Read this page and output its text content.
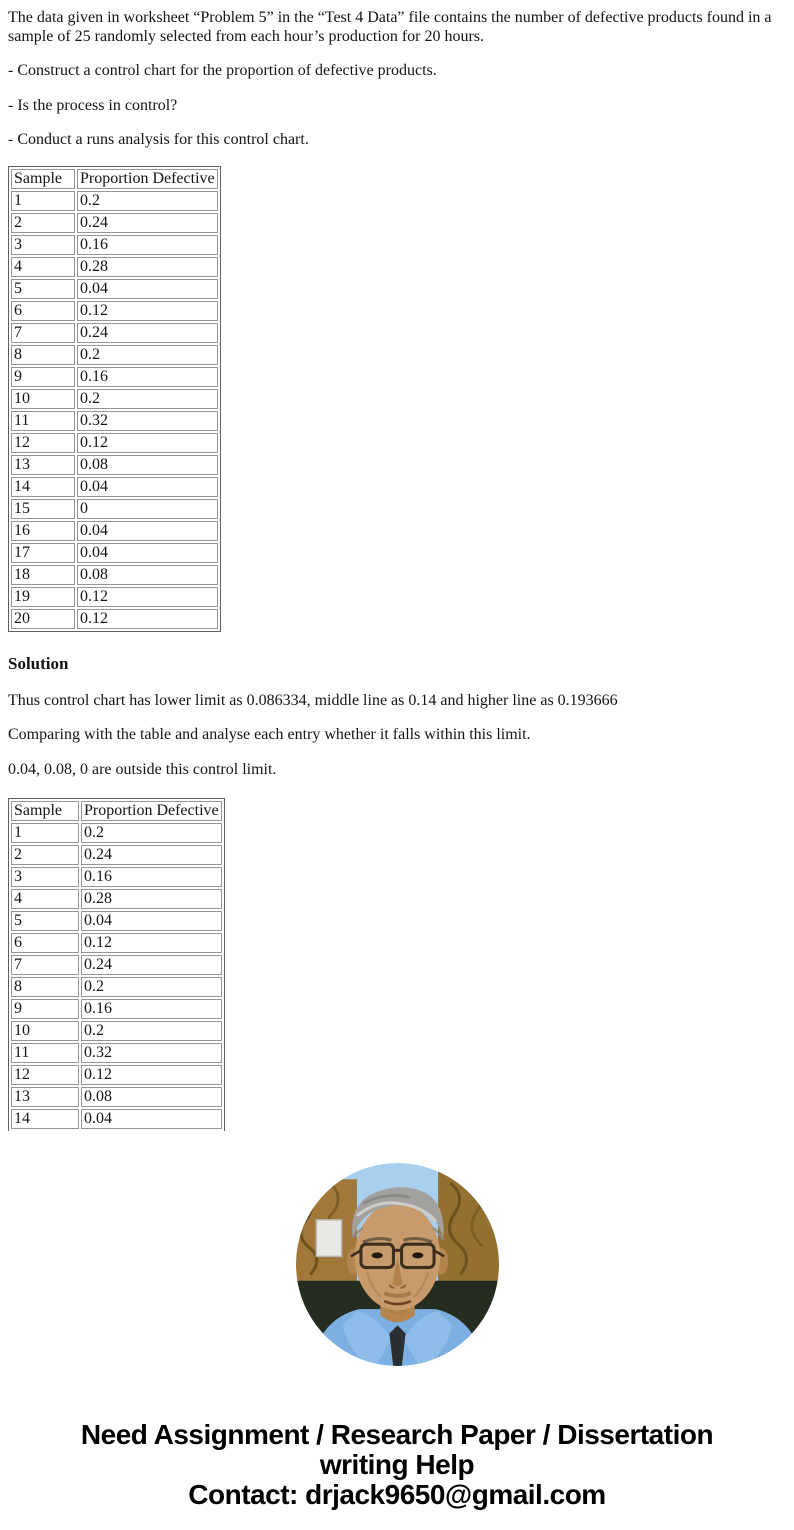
The data given in worksheet “Problem 5” in the “Test 4 Data” file contains the number of defective products found in a sample of 25 randomly selected from each hour’s production for 20 hours.

- Construct a control chart for the proportion of defective products.

- Is the process in control?

- Conduct a runs analysis for this control chart.

Sample	Proportion Defective
1	0.2
2	0.24
3	0.16
4	0.28
5	0.04
6	0.12
7	0.24
8	0.2
9	0.16
10	0.2
11	0.32
12	0.12
13	0.08
14	0.04
15	0
16	0.04
17	0.04
18	0.08
19	0.12
20	0.12

Solution

Thus control chart has lower limit as 0.086334, middle line as 0.14 and higher line as 0.193666

Comparing with the table and analyse each entry whether it falls within this limit.

0.04, 0.08, 0 are outside this control limit.

Sample	Proportion Defective
1	0.2
2	0.24
3	0.16
4	0.28
5	0.04
6	0.12
7	0.24
8	0.2
9	0.16
10	0.2
11	0.32
12	0.12
13	0.08
14	0.04

Need Assignment / Research Paper / Dissertation
writing Help
Contact: drjack9650@gmail.com
